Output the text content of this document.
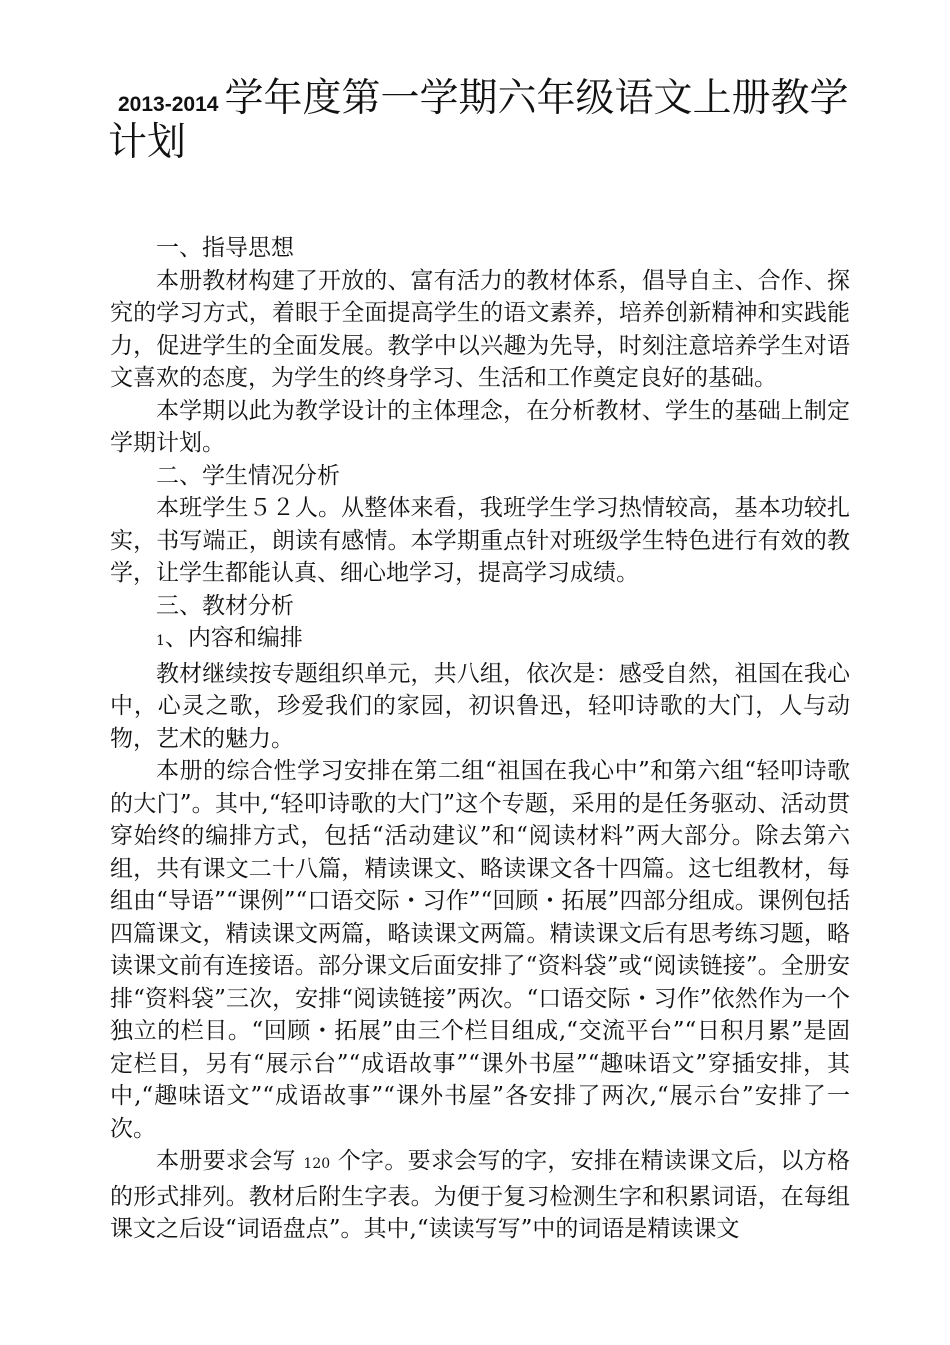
2013-2014 学年度第一学期六年级语文上册教学计划

一、指导思想

本册教材构建了开放的、富有活力的教材体系，倡导自主、合作、探究的学习方式，着眼于全面提高学生的语文素养，培养创新精神和实践能力，促进学生的全面发展。教学中以兴趣为先导，时刻注意培养学生对语文喜欢的态度，为学生的终身学习、生活和工作奠定良好的基础。

本学期以此为教学设计的主体理念，在分析教材、学生的基础上制定学期计划。

二、学生情况分析

本班学生５２人。从整体来看，我班学生学习热情较高，基本功较扎实，书写端正，朗读有感情。本学期重点针对班级学生特色进行有效的教学，让学生都能认真、细心地学习，提高学习成绩。

三、教材分析

1、内容和编排

教材继续按专题组织单元，共八组，依次是：感受自然，祖国在我心中，心灵之歌，珍爱我们的家园，初识鲁迅，轻叩诗歌的大门，人与动物，艺术的魅力。

本册的综合性学习安排在第二组“祖国在我心中”和第六组“轻叩诗歌的大门”。其中,“轻叩诗歌的大门”这个专题，采用的是任务驱动、活动贯穿始终的编排方式，包括“活动建议”和“阅读材料”两大部分。除去第六组，共有课文二十八篇，精读课文、略读课文各十四篇。这七组教材，每组由“导语”“课例”“口语交际・习作”“回顾・拓展”四部分组成。课例包括四篇课文，精读课文两篇，略读课文两篇。精读课文后有思考练习题，略读课文前有连接语。部分课文后面安排了“资料袋”或“阅读链接”。全册安排“资料袋”三次，安排“阅读链接”两次。“口语交际・习作”依然作为一个独立的栏目。“回顾・拓展”由三个栏目组成,“交流平台”“日积月累”是固定栏目，另有“展示台”“成语故事”“课外书屋”“趣味语文”穿插安排，其中,“趣味语文”“成语故事”“课外书屋”各安排了两次,“展示台”安排了一次。

本册要求会写 120 个字。要求会写的字，安排在精读课文后，以方格的形式排列。教材后附生字表。为便于复习检测生字和积累词语，在每组课文之后设“词语盘点”。其中,“读读写写”中的词语是精读课文
